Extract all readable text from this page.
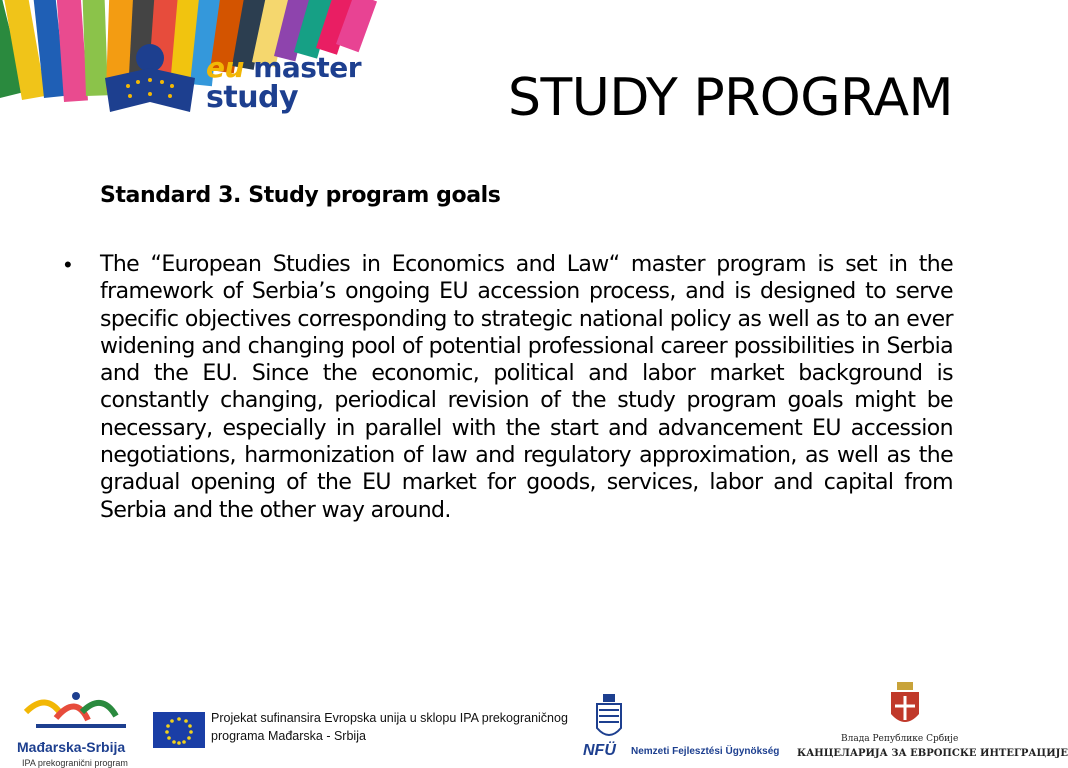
eu master
study	STUDY PROGRAM
Standard 3. Study program goals
• The “European Studies in Economics and Law“ master program is set in the framework of Serbia’s ongoing EU accession process, and is designed to serve specific objectives corresponding to strategic national policy as well as to an ever widening and changing pool of potential professional career possibilities in Serbia and the EU. Since the economic, political and labor market background is constantly changing, periodical revision of the study program goals might be necessary, especially in parallel with the start and advancement EU accession negotiations, harmonization of law and regulatory approximation, as well as the gradual opening of the EU market for goods, services, labor and capital from Serbia and the other way around.

Mađarska-Srbija
IPA prekogranični program
Projekat sufinansira Evropska unija u sklopu IPA prekograničnog
programa Mađarska - Srbija
NFÜ Nemzeti Fejlesztési Ügynökség
Влада Републике Србије
КАНЦЕЛАРИЈА ЗА ЕВРОПСКЕ ИНТЕГРАЦИЈЕ
